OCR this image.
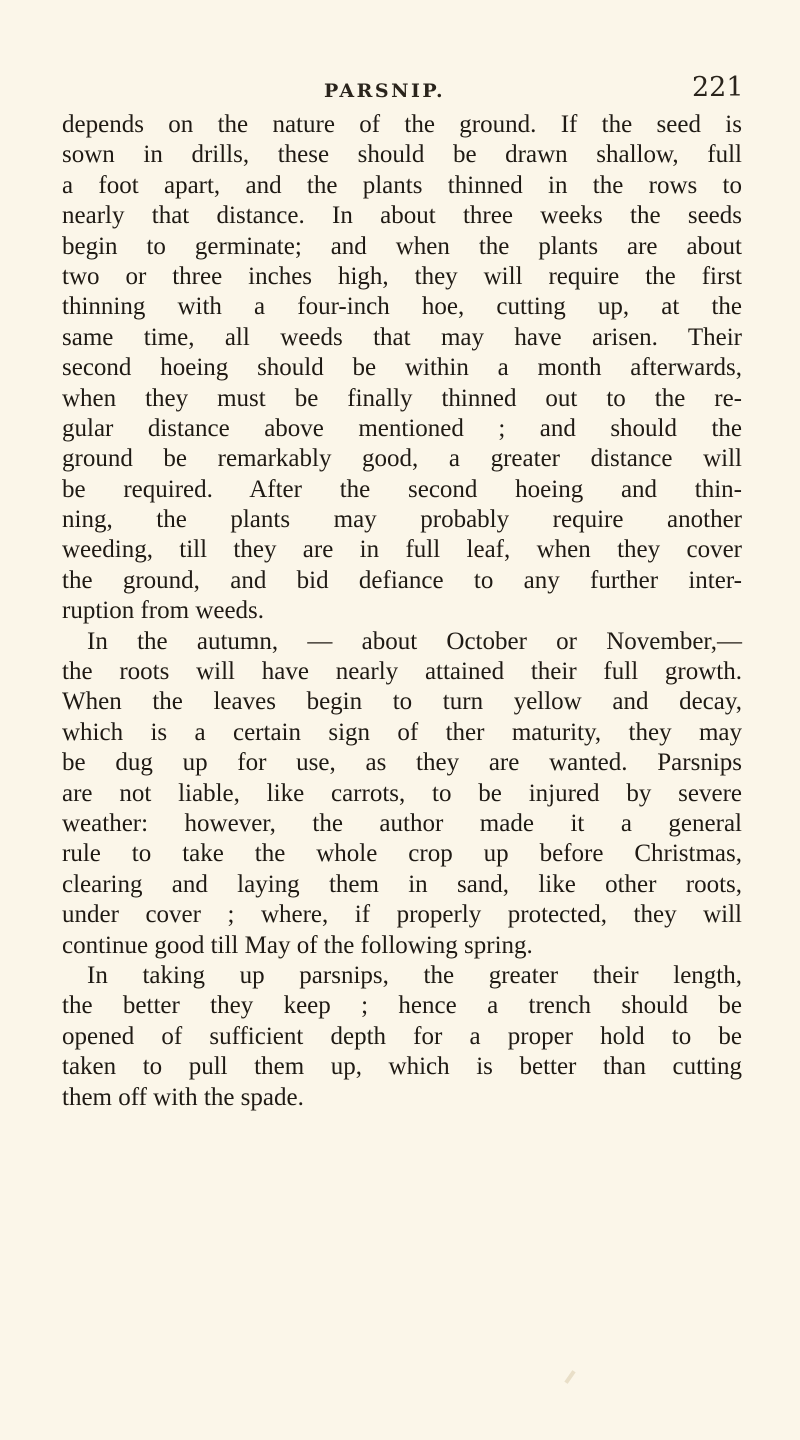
PARSNIP.	221
depends on the nature of the ground. If the seed is
sown in drills, these should be drawn shallow, full
a foot apart, and the plants thinned in the rows to
nearly that distance. In about three weeks the seeds
begin to germinate; and when the plants are about
two or three inches high, they will require the first
thinning with a four-inch hoe, cutting up, at the
same time, all weeds that may have arisen. Their
second hoeing should be within a month afterwards,
when they must be finally thinned out to the re-
gular distance above mentioned ; and should the
ground be remarkably good, a greater distance will
be required. After the second hoeing and thin-
ning, the plants may probably require another
weeding, till they are in full leaf, when they cover
the ground, and bid defiance to any further inter-
ruption from weeds.
In the autumn, — about October or November,—
the roots will have nearly attained their full growth.
When the leaves begin to turn yellow and decay,
which is a certain sign of ther maturity, they may
be dug up for use, as they are wanted. Parsnips
are not liable, like carrots, to be injured by severe
weather: however, the author made it a general
rule to take the whole crop up before Christmas,
clearing and laying them in sand, like other roots,
under cover ; where, if properly protected, they will
continue good till May of the following spring.
In taking up parsnips, the greater their length,
the better they keep ; hence a trench should be
opened of sufficient depth for a proper hold to be
taken to pull them up, which is better than cutting
them off with the spade.
